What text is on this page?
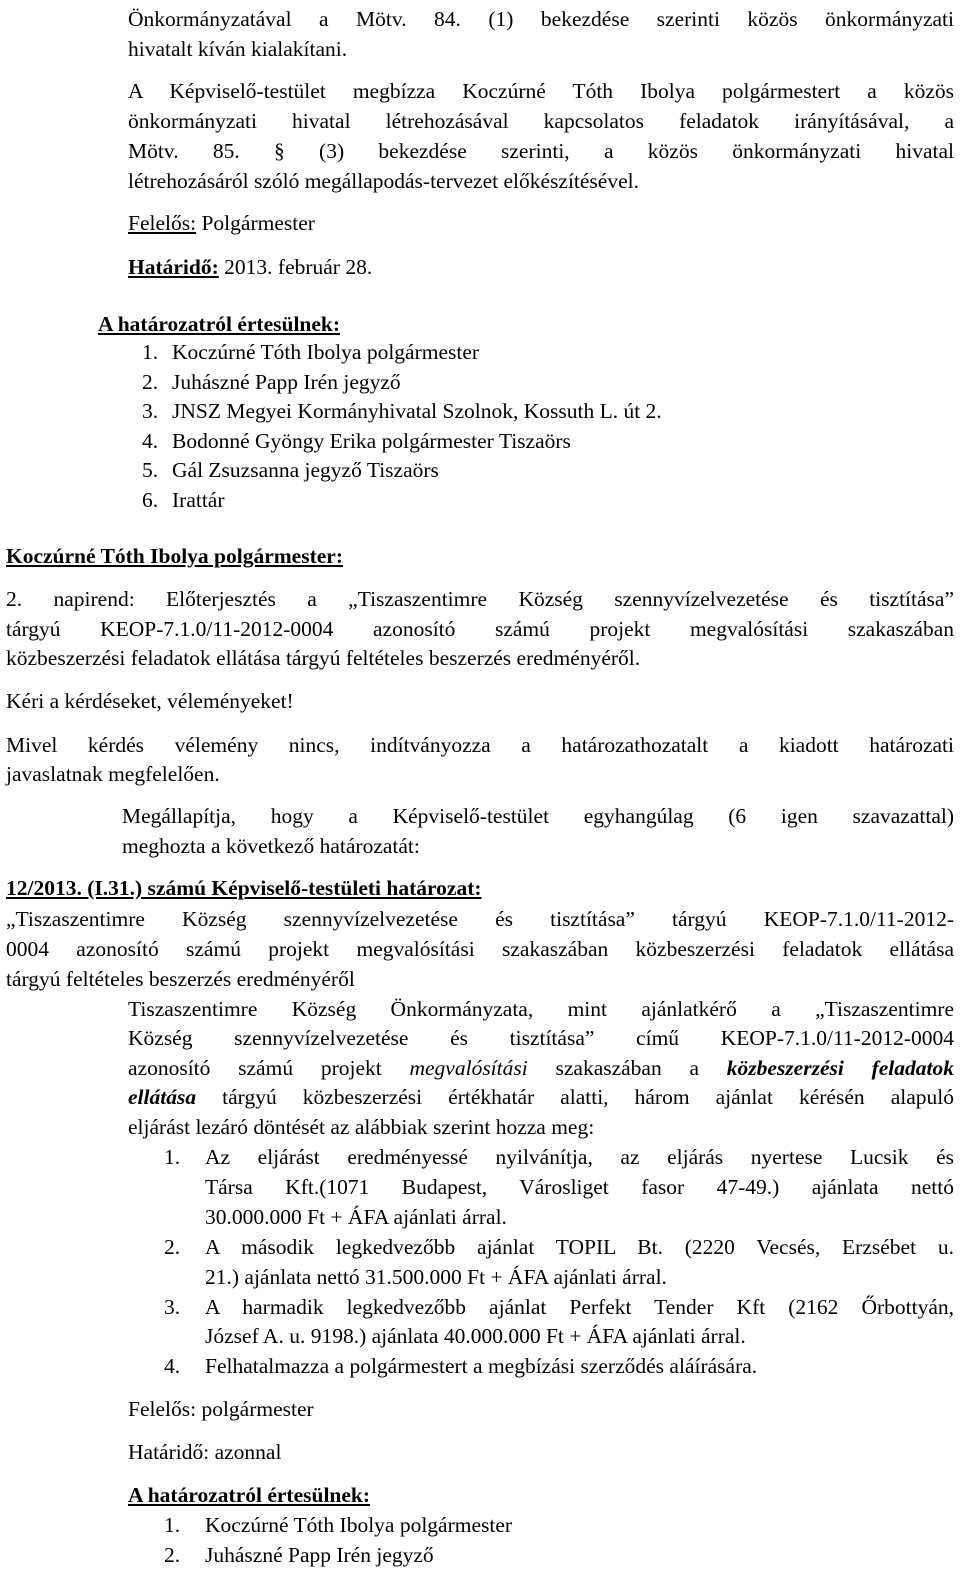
Önkormányzatával a Mötv. 84. (1) bekezdése szerinti közös önkormányzati
hivatalt kíván kialakítani.
A Képviselő-testület megbízza Koczúrné Tóth Ibolya polgármestert a közös
önkormányzati hivatal létrehozásával kapcsolatos feladatok irányításával, a
Mötv. 85. § (3) bekezdése szerinti, a közös önkormányzati hivatal
létrehozásáról szóló megállapodás-tervezet előkészítésével.
Felelős: Polgármester
Határidő: 2013. február 28.
A határozatról értesülnek:
1. Koczúrné Tóth Ibolya polgármester
2. Juhászné Papp Irén jegyző
3. JNSZ Megyei Kormányhivatal Szolnok, Kossuth L. út 2.
4. Bodonné Gyöngy Erika polgármester Tiszaörs
5. Gál Zsuzsanna jegyző Tiszaörs
6. Irattár
Koczúrné Tóth Ibolya polgármester:
2. napirend: Előterjesztés a „Tiszaszentimre Község szennyvízelvezetése és tisztítása”
tárgyú KEOP-7.1.0/11-2012-0004 azonosító számú projekt megvalósítási szakaszában
közbeszerzési feladatok ellátása tárgyú feltételes beszerzés eredményéről.
Kéri a kérdéseket, véleményeket!
Mivel kérdés vélemény nincs, indítványozza a határozathozatalt a kiadott határozati
javaslatnak megfelelően.
Megállapítja, hogy a Képviselő-testület egyhangúlag (6 igen szavazattal)
meghozta a következő határozatát:
12/2013. (I.31.) számú Képviselő-testületi határozat:
„Tiszaszentimre Község szennyvízelvezetése és tisztítása” tárgyú KEOP-7.1.0/11-2012-
0004 azonosító számú projekt megvalósítási szakaszában közbeszerzési feladatok ellátása
tárgyú feltételes beszerzés eredményéről
Tiszaszentimre Község Önkormányzata, mint ajánlatkérő a „Tiszaszentimre
Község szennyvízelvezetése és tisztítása” című KEOP-7.1.0/11-2012-0004
azonosító számú projekt megvalósítási szakaszában a közbeszerzési feladatok
ellátása tárgyú közbeszerzési értékhatár alatti, három ajánlat kérésén alapuló
eljárást lezáró döntését az alábbiak szerint hozza meg:
1. Az eljárást eredményessé nyilvánítja, az eljárás nyertese Lucsik és
Társa Kft.(1071 Budapest, Városliget fasor 47-49.) ajánlata nettó
30.000.000 Ft + ÁFA ajánlati árral.
2. A második legkedvezőbb ajánlat TOPIL Bt. (2220 Vecsés, Erzsébet u.
21.) ajánlata nettó 31.500.000 Ft + ÁFA ajánlati árral.
3. A harmadik legkedvezőbb ajánlat Perfekt Tender Kft (2162 Őrbottyán,
József A. u. 9198.) ajánlata 40.000.000 Ft + ÁFA ajánlati árral.
4. Felhatalmazza a polgármestert a megbízási szerződés aláírására.
Felelős: polgármester
Határidő: azonnal
A határozatról értesülnek:
1. Koczúrné Tóth Ibolya polgármester
2. Juhászné Papp Irén jegyző
